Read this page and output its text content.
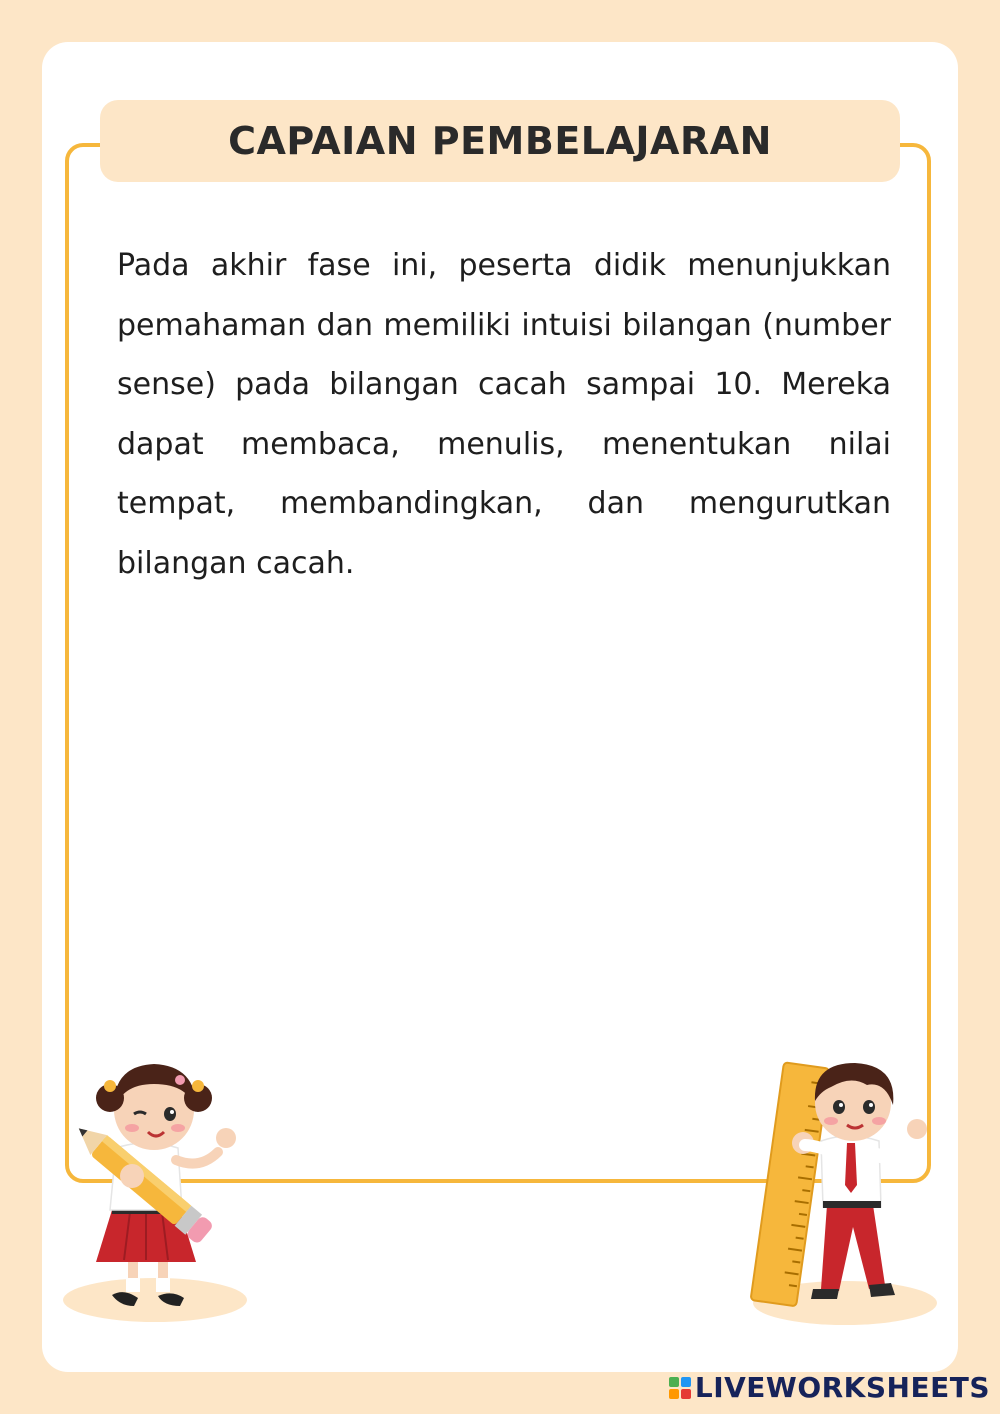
CAPAIAN PEMBELAJARAN

Pada akhir fase ini, peserta didik menunjukkan pemahaman dan memiliki intuisi bilangan (number sense) pada bilangan cacah sampai 10. Mereka dapat membaca, menulis, menentukan nilai tempat, membandingkan, dan mengurutkan bilangan cacah.

LIVEWORKSHEETS
